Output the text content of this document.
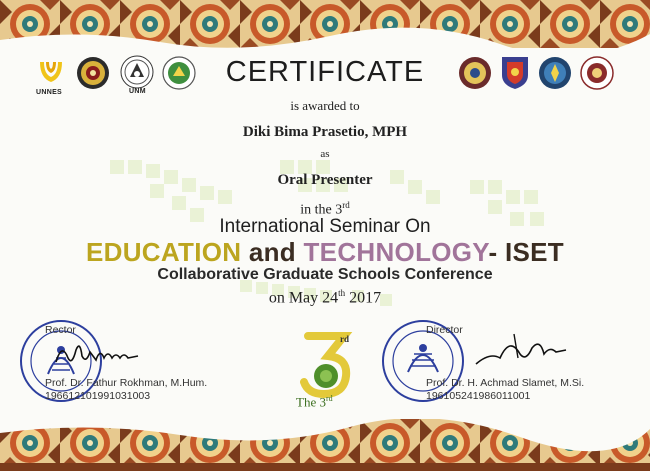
UNNES	UNM
CERTIFICATE
is awarded to
Diki Bima Prasetio, MPH
as
Oral Presenter
in the 3rd
International Seminar On
EDUCATION and TECHNOLOGY- ISET
Collaborative Graduate Schools Conference
on May 24th 2017
Rector
Prof. Dr. Fathur Rokhman, M.Hum.
196612101991031003
Director
Prof. Dr. H. Achmad Slamet, M.Si.
196105241986011001
rd
The 3rd
